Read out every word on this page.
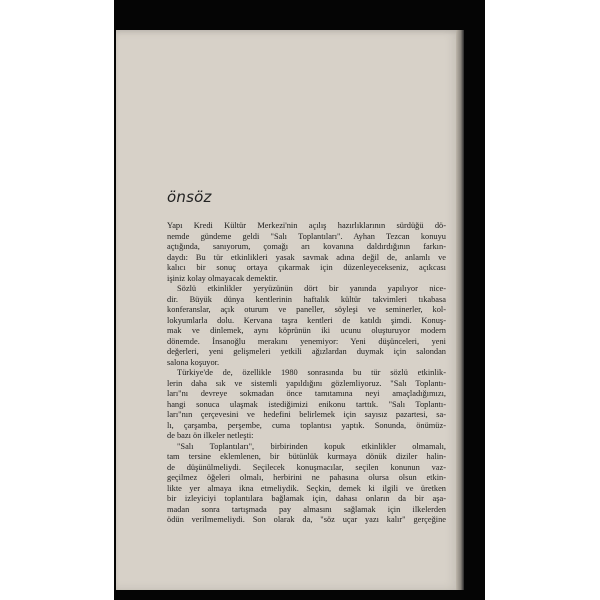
önsöz

Yapı Kredi Kültür Merkezi'nin açılış hazırlıklarının sürdüğü dö-

nemde gündeme geldi "Salı Toplantıları". Ayhan Tezcan konuyu

açtığında, sanıyorum, çomağı arı kovanına daldırdığının farkın-

daydı: Bu tür etkinlikleri yasak savmak adına değil de, anlamlı ve

kalıcı bir sonuç ortaya çıkarmak için düzenleyecekseniz, açıkcası

işiniz kolay olmayacak demektir.

Sözlü etkinlikler yeryüzünün dört bir yanında yapılıyor nice-

dir. Büyük dünya kentlerinin haftalık kültür takvimleri tıkabasa

konferanslar, açık oturum ve paneller, söyleşi ve seminerler, kol-

lokyumlarla dolu. Kervana taşra kentleri de katıldı şimdi. Konuş-

mak ve dinlemek, aynı köprünün iki ucunu oluşturuyor modern

dönemde. İnsanoğlu merakını yenemiyor: Yeni düşünceleri, yeni

değerleri, yeni gelişmeleri yetkili ağızlardan duymak için salondan

salona koşuyor.

Türkiye'de de, özellikle 1980 sonrasında bu tür sözlü etkinlik-

lerin daha sık ve sistemli yapıldığını gözlemliyoruz. "Salı Toplantı-

ları"nı devreye sokmadan önce tamıtamına neyi amaçladığımızı,

hangi sonuca ulaşmak istediğimizi enikonu tarttık. "Salı Toplantı-

ları"nın çerçevesini ve hedefini belirlemek için sayısız pazartesi, sa-

lı, çarşamba, perşembe, cuma toplantısı yaptık. Sonunda, önümüz-

de bazı ön ilkeler netleşti:

"Salı Toplantıları", birbirinden kopuk etkinlikler olmamalı,

tam tersine eklemlenen, bir bütünlük kurmaya dönük diziler halin-

de düşünülmeliydi. Seçilecek konuşmacılar, seçilen konunun vaz-

geçilmez öğeleri olmalı, herbirini ne pahasına olursa olsun etkin-

likte yer almaya ikna etmeliydik. Seçkin, demek ki ilgili ve üretken

bir izleyiciyi toplantılara bağlamak için, dahası onların da bir aşa-

madan sonra tartışmada pay almasını sağlamak için ilkelerden

ödün verilmemeliydi. Son olarak da, "söz uçar yazı kalır" gerçeğine
